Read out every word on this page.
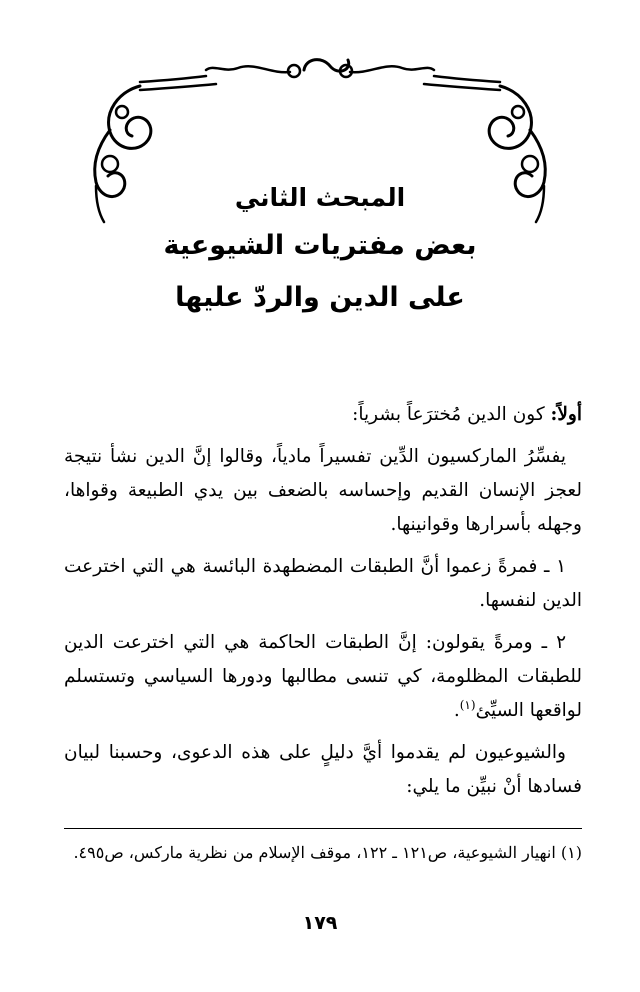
المبحث الثاني

بعض مفتريات الشيوعية

على الدين والردّ عليها

أولاً: كون الدين مُخترَعاً بشرياً:

يفسِّرُ الماركسيون الدِّين تفسيراً مادياً، وقالوا إنَّ الدين نشأ نتيجة لعجز الإنسان القديم وإحساسه بالضعف بين يدي الطبيعة وقواها، وجهله بأسرارها وقوانينها.

١ ـ فمرةً زعموا أنَّ الطبقات المضطهدة البائسة هي التي اخترعت الدين لنفسها.

٢ ـ ومرةً يقولون: إنَّ الطبقات الحاكمة هي التي اخترعت الدين للطبقات المظلومة، كي تنسى مطالبها ودورها السياسي وتستسلم لواقعها السيِّئ$^{(١)}$.

والشيوعيون لم يقدموا أيَّ دليلٍ على هذه الدعوى، وحسبنا لبيان فسادها أنْ نبيِّن ما يلي:

(١) انهيار الشيوعية، ص١٢١ ـ ١٢٢، موقف الإسلام من نظرية ماركس، ص٤٩٥.

١٧٩
